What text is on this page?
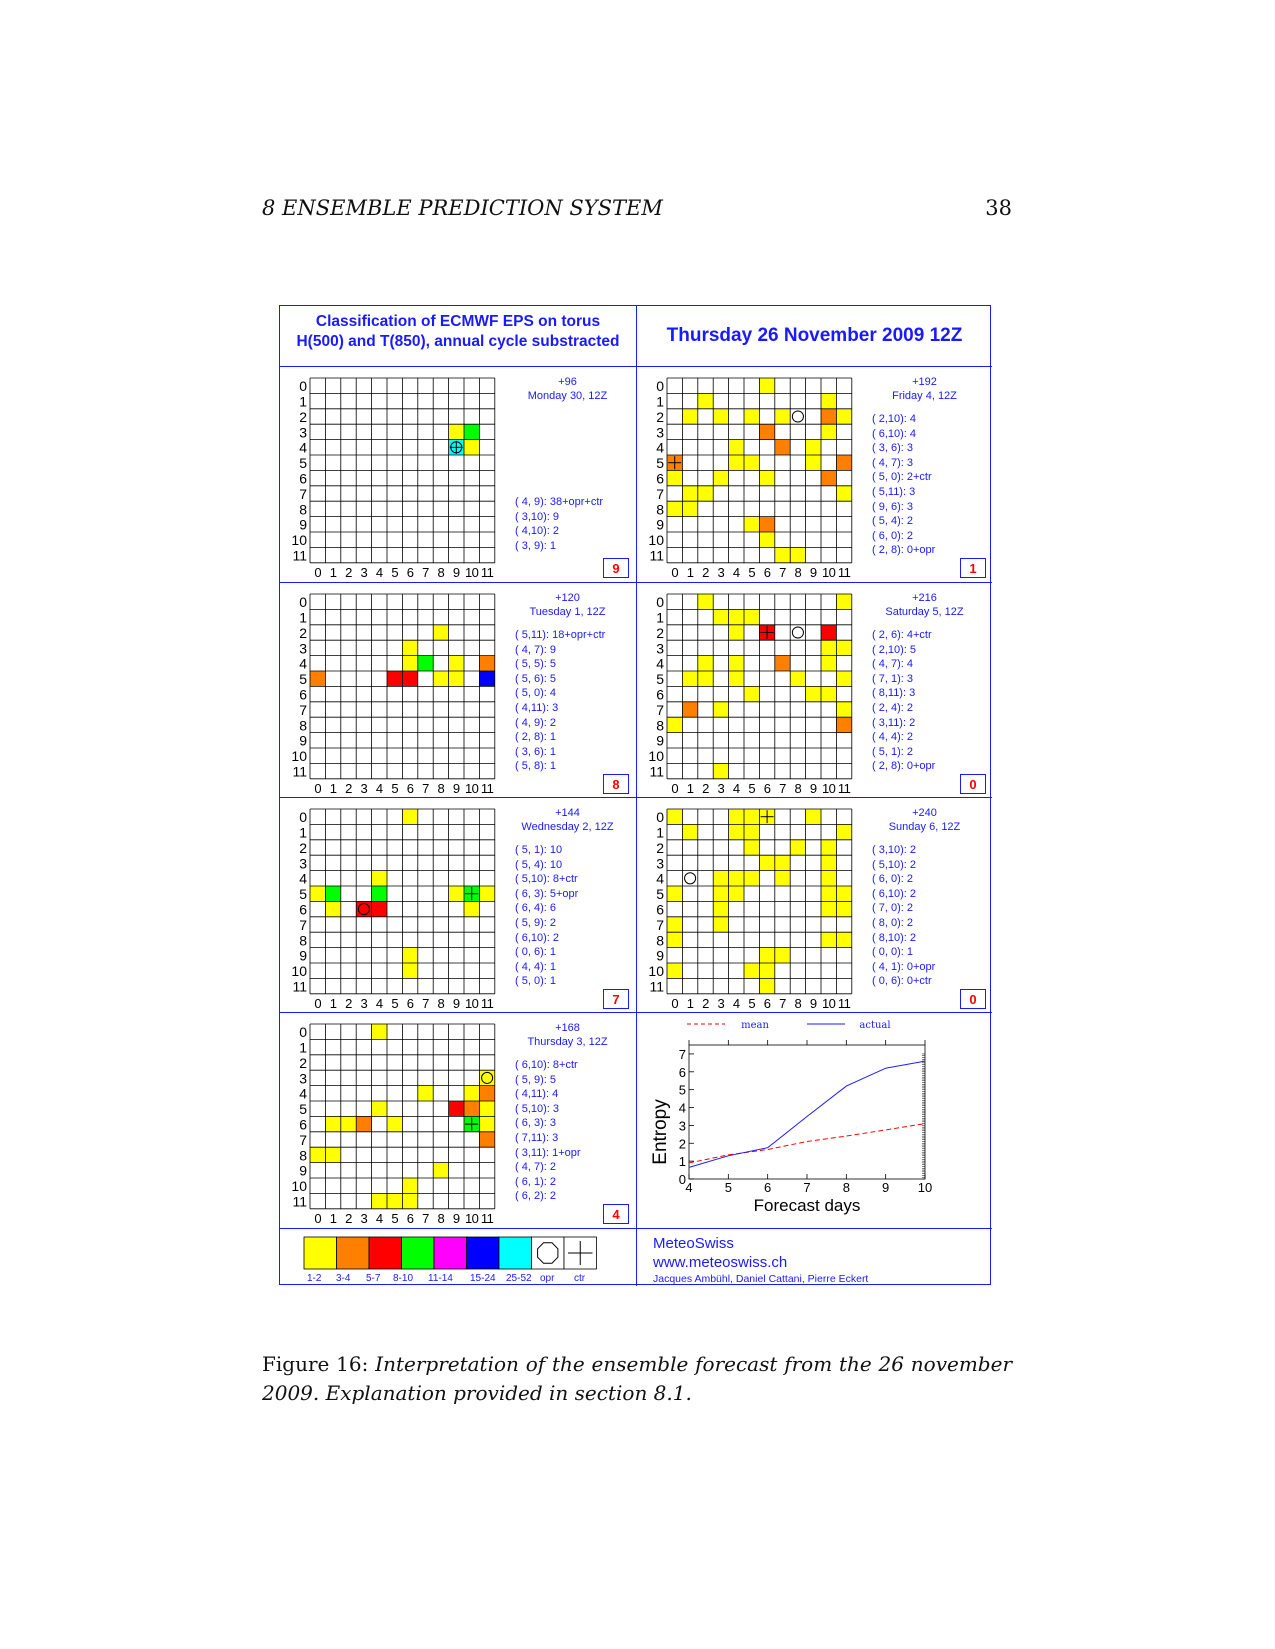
8 ENSEMBLE PREDICTION SYSTEM	38
Classification of ECMWF EPS on torus
H(500) and T(850), annual cycle substracted	Thursday 26 November 2009 12Z
0
0
1
1
2
2
3
3
4
4
5
5
6
6
7
7
8
8
9
9
10
10
11
11
+96
Monday 30, 12Z
( 4, 9): 38+opr+ctr
( 3,10): 9
( 4,10): 2
( 3, 9): 1
9
0
0
1
1
2
2
3
3
4
4
5
5
6
6
7
7
8
8
9
9
10
10
11
11
+192
Friday 4, 12Z
( 2,10): 4
( 6,10): 4
( 3, 6): 3
( 4, 7): 3
( 5, 0): 2+ctr
( 5,11): 3
( 9, 6): 3
( 5, 4): 2
( 6, 0): 2
( 2, 8): 0+opr
1
0
0
1
1
2
2
3
3
4
4
5
5
6
6
7
7
8
8
9
9
10
10
11
11
+120
Tuesday 1, 12Z
( 5,11): 18+opr+ctr
( 4, 7): 9
( 5, 5): 5
( 5, 6): 5
( 5, 0): 4
( 4,11): 3
( 4, 9): 2
( 2, 8): 1
( 3, 6): 1
( 5, 8): 1
8
0
0
1
1
2
2
3
3
4
4
5
5
6
6
7
7
8
8
9
9
10
10
11
11
+216
Saturday 5, 12Z
( 2, 6): 4+ctr
( 2,10): 5
( 4, 7): 4
( 7, 1): 3
( 8,11): 3
( 2, 4): 2
( 3,11): 2
( 4, 4): 2
( 5, 1): 2
( 2, 8): 0+opr
0
0
0
1
1
2
2
3
3
4
4
5
5
6
6
7
7
8
8
9
9
10
10
11
11
+144
Wednesday 2, 12Z
( 5, 1): 10
( 5, 4): 10
( 5,10): 8+ctr
( 6, 3): 5+opr
( 6, 4): 6
( 5, 9): 2
( 6,10): 2
( 0, 6): 1
( 4, 4): 1
( 5, 0): 1
7
0
0
1
1
2
2
3
3
4
4
5
5
6
6
7
7
8
8
9
9
10
10
11
11
+240
Sunday 6, 12Z
( 3,10): 2
( 5,10): 2
( 6, 0): 2
( 6,10): 2
( 7, 0): 2
( 8, 0): 2
( 8,10): 2
( 0, 0): 1
( 4, 1): 0+opr
( 0, 6): 0+ctr
0
0
0
1
1
2
2
3
3
4
4
5
5
6
6
7
7
8
8
9
9
10
10
11
11
+168
Thursday 3, 12Z
( 6,10): 8+ctr
( 5, 9): 5
( 4,11): 4
( 5,10): 3
( 6, 3): 3
( 7,11): 3
( 3,11): 1+opr
( 4, 7): 2
( 6, 1): 2
( 6, 2): 2
4
mean	actual
4 5 6 7 8 9 10
0
1
2
3
4
5
6
7
Forecast days
Entropy
1-2 3-4 5-7 8-10 11-14 15-24 25-52 opr ctr
MeteoSwiss
www.meteoswiss.ch
Jacques Ambühl, Daniel Cattani, Pierre Eckert
Figure 16: Interpretation of the ensemble forecast from the 26 november 2009. Explanation provided in section 8.1.
